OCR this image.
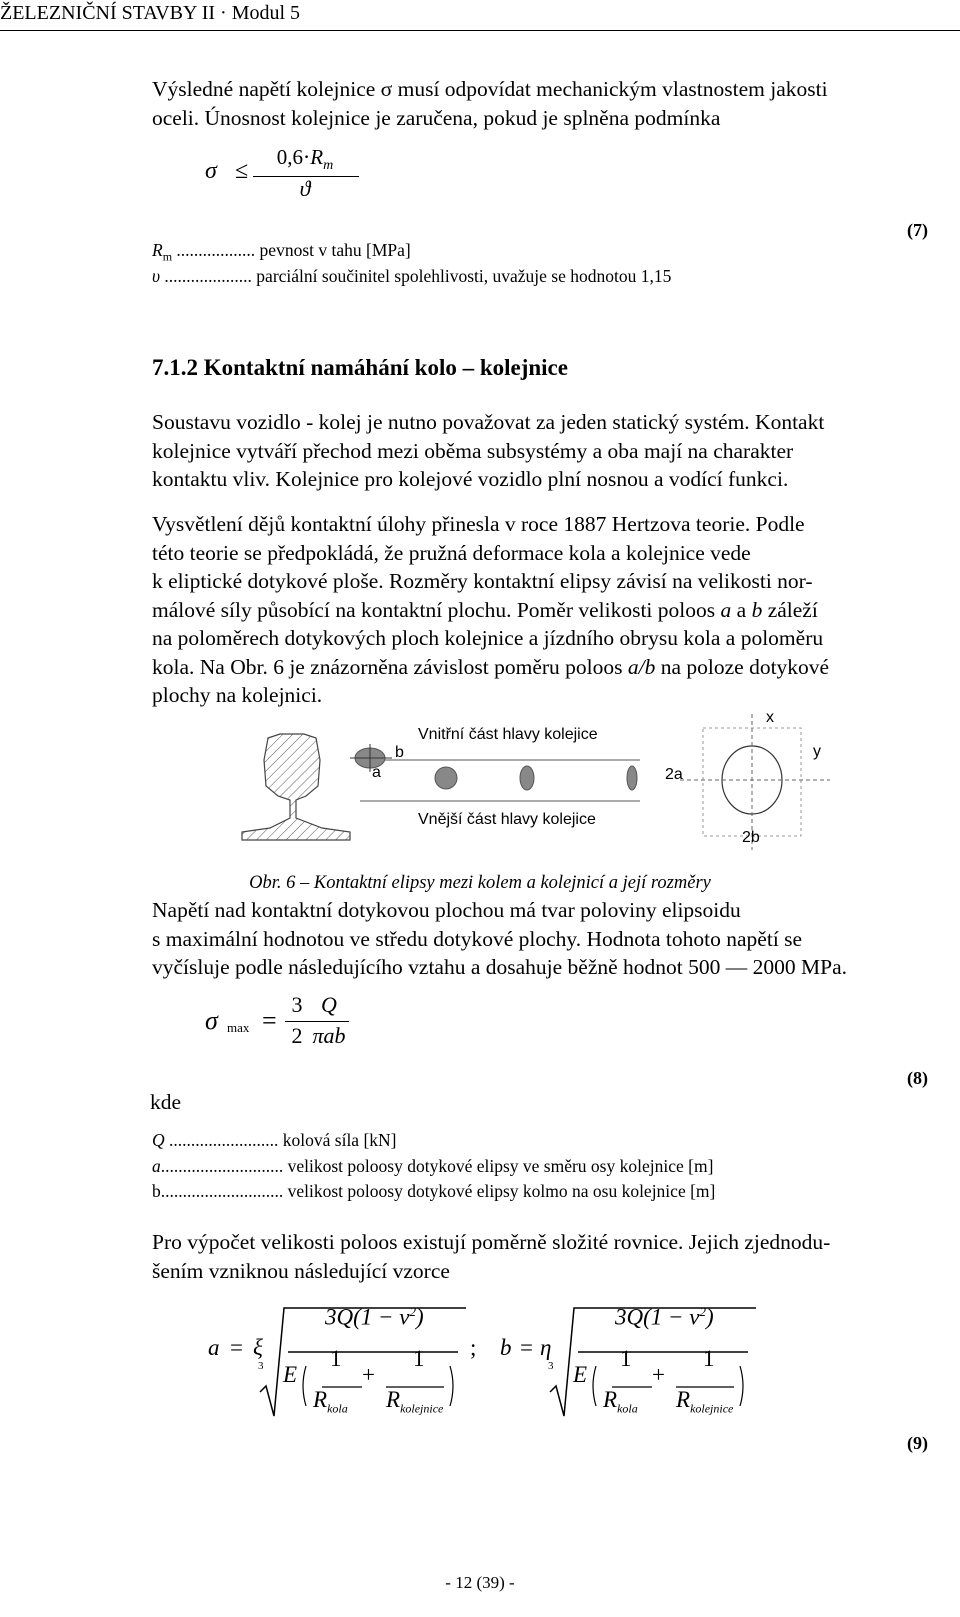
ŽELEZNIČNÍ STAVBY II · Modul 5
Výsledné napětí kolejnice σ musí odpovídat mechanickým vlastnostem jakosti
oceli. Únosnost kolejnice je zaručena, pokud je splněna podmínka
σ ≤
$0,6\cdot R_m$
ϑ
(7)
$R_m$ .................. pevnost v tahu [MPa]
υ .................... parciální součinitel spolehlivosti, uvažuje se hodnotou 1,15
7.1.2 Kontaktní namáhání kolo – kolejnice
Soustavu vozidlo - kolej je nutno považovat za jeden statický systém. Kontakt
kolejnice vytváří přechod mezi oběma subsystémy a oba mají na charakter
kontaktu vliv. Kolejnice pro kolejové vozidlo plní nosnou a vodící funkci.
Vysvětlení dějů kontaktní úlohy přinesla v roce 1887 Hertzova teorie. Podle
této teorie se předpokládá, že pružná deformace kola a kolejnice vede
k eliptické dotykové ploše. Rozměry kontaktní elipsy závisí na velikosti nor-
málové síly působící na kontaktní plochu. Poměr velikosti poloos a a b záleží
na poloměrech dotykových ploch kolejnice a jízdního obrysu kola a poloměru
kola. Na Obr. 6 je znázorněna závislost poměru poloos a/b na poloze dotykové
plochy na kolejnici.
Vnitřní část hlavy kolejice
Vnější část hlavy kolejice
b
a	2a
2b
x
y
Obr. 6 – Kontaktní elipsy mezi kolem a kolejnicí a její rozměry
Napětí nad kontaktní dotykovou plochou má tvar poloviny elipsoidu
s maximální hodnotou ve středu dotykové plochy. Hodnota tohoto napětí se
vyčísluje podle následujícího vztahu a dosahuje běžně hodnot 500 — 2000 MPa.
σ max =
3
2
Q
πab
(8)
kde
Q ......................... kolová síla [kN]
a............................ velikost poloosy dotykové elipsy ve směru osy kolejnice [m]
b............................ velikost poloosy dotykové elipsy kolmo na osu kolejnice [m]
Pro výpočet velikosti poloos existují poměrně složité rovnice. Jejich zjednodu-
šením vzniknou následující vzorce
a = ξ
3
$3Q(1 - \nu^2)$
E
1
+
1
$R_{kola}$ $R_{kolejnice}$
; b = η
3
$3Q(1 - \nu^2)$
E
1
+
1
$R_{kola}$ $R_{kolejnice}$
(9)
- 12 (39) -
